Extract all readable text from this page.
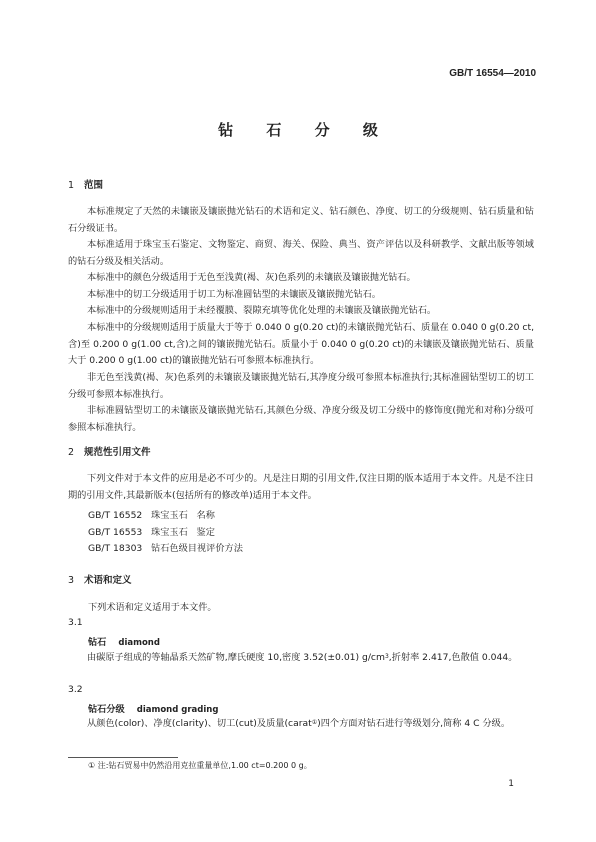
GB/T 16554—2010
钻 石 分 级
1 范围
本标准规定了天然的未镶嵌及镶嵌抛光钻石的术语和定义、钻石颜色、净度、切工的分级规则、钻石质量和钻石分级证书。
本标准适用于珠宝玉石鉴定、文物鉴定、商贸、海关、保险、典当、资产评估以及科研教学、文献出版等领域的钻石分级及相关活动。
本标准中的颜色分级适用于无色至浅黄(褐、灰)色系列的未镶嵌及镶嵌抛光钻石。
本标准中的切工分级适用于切工为标准圆钻型的未镶嵌及镶嵌抛光钻石。
本标准中的分级规则适用于未经覆膜、裂隙充填等优化处理的未镶嵌及镶嵌抛光钻石。
本标准中的分级规则适用于质量大于等于 0.040 0 g(0.20 ct)的未镶嵌抛光钻石、质量在 0.040 0 g(0.20 ct,含)至 0.200 0 g(1.00 ct,含)之间的镶嵌抛光钻石。质量小于 0.040 0 g(0.20 ct)的未镶嵌及镶嵌抛光钻石、质量大于 0.200 0 g(1.00 ct)的镶嵌抛光钻石可参照本标准执行。
非无色至浅黄(褐、灰)色系列的未镶嵌及镶嵌抛光钻石,其净度分级可参照本标准执行;其标准圆钻型切工的切工分级可参照本标准执行。
非标准圆钻型切工的未镶嵌及镶嵌抛光钻石,其颜色分级、净度分级及切工分级中的修饰度(抛光和对称)分级可参照本标准执行。
2 规范性引用文件
下列文件对于本文件的应用是必不可少的。凡是注日期的引用文件,仅注日期的版本适用于本文件。凡是不注日期的引用文件,其最新版本(包括所有的修改单)适用于本文件。
GB/T 16552   珠宝玉石   名称
GB/T 16553   珠宝玉石   鉴定
GB/T 18303   钻石色级目视评价方法
3 术语和定义
下列术语和定义适用于本文件。
3.1
钻石 diamond
由碳原子组成的等轴晶系天然矿物,摩氏硬度 10,密度 3.52(±0.01) $g/cm^3$,折射率 2.417,色散值 0.044。
3.2
钻石分级 diamond grading
从颜色(color)、净度(clarity)、切工(cut)及质量(carat①)四个方面对钻石进行等级划分,简称 4 C 分级。
① 注:钻石贸易中仍然沿用克拉重量单位,1.00 ct=0.200 0 g。
1
